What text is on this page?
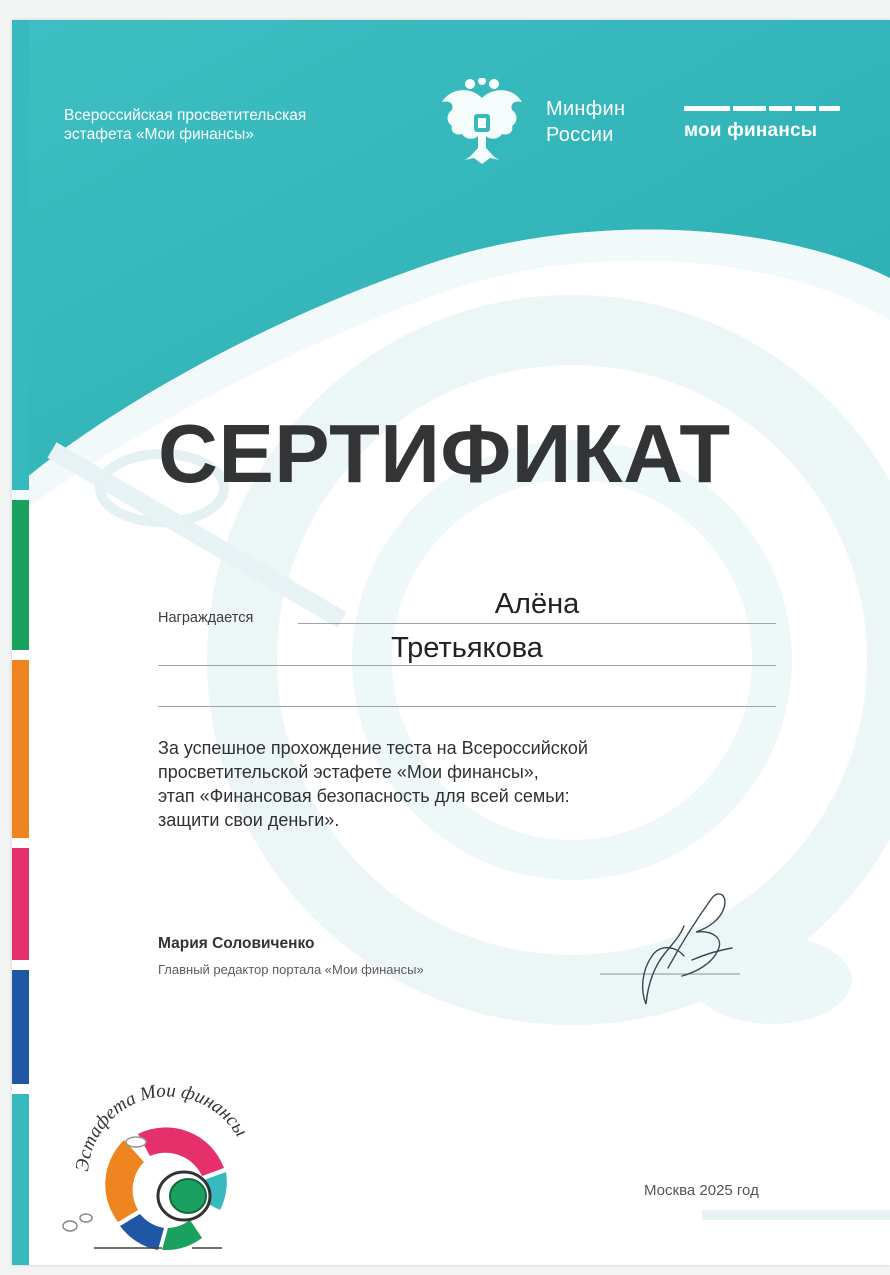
Всероссийская просветительская
эстафета «Мои финансы»
Минфин
России	мои финансы
СЕРТИФИКАТ
Награждается	Алёна
Третьякова
За успешное прохождение теста на Всероссийской
просветительской эстафете «Мои финансы»,
этап «Финансовая безопасность для всей семьи:
защити свои деньги».
Мария Соловиченко
Главный редактор портала «Мои финансы»
Эстафета Мои финансы
Москва 2025 год
